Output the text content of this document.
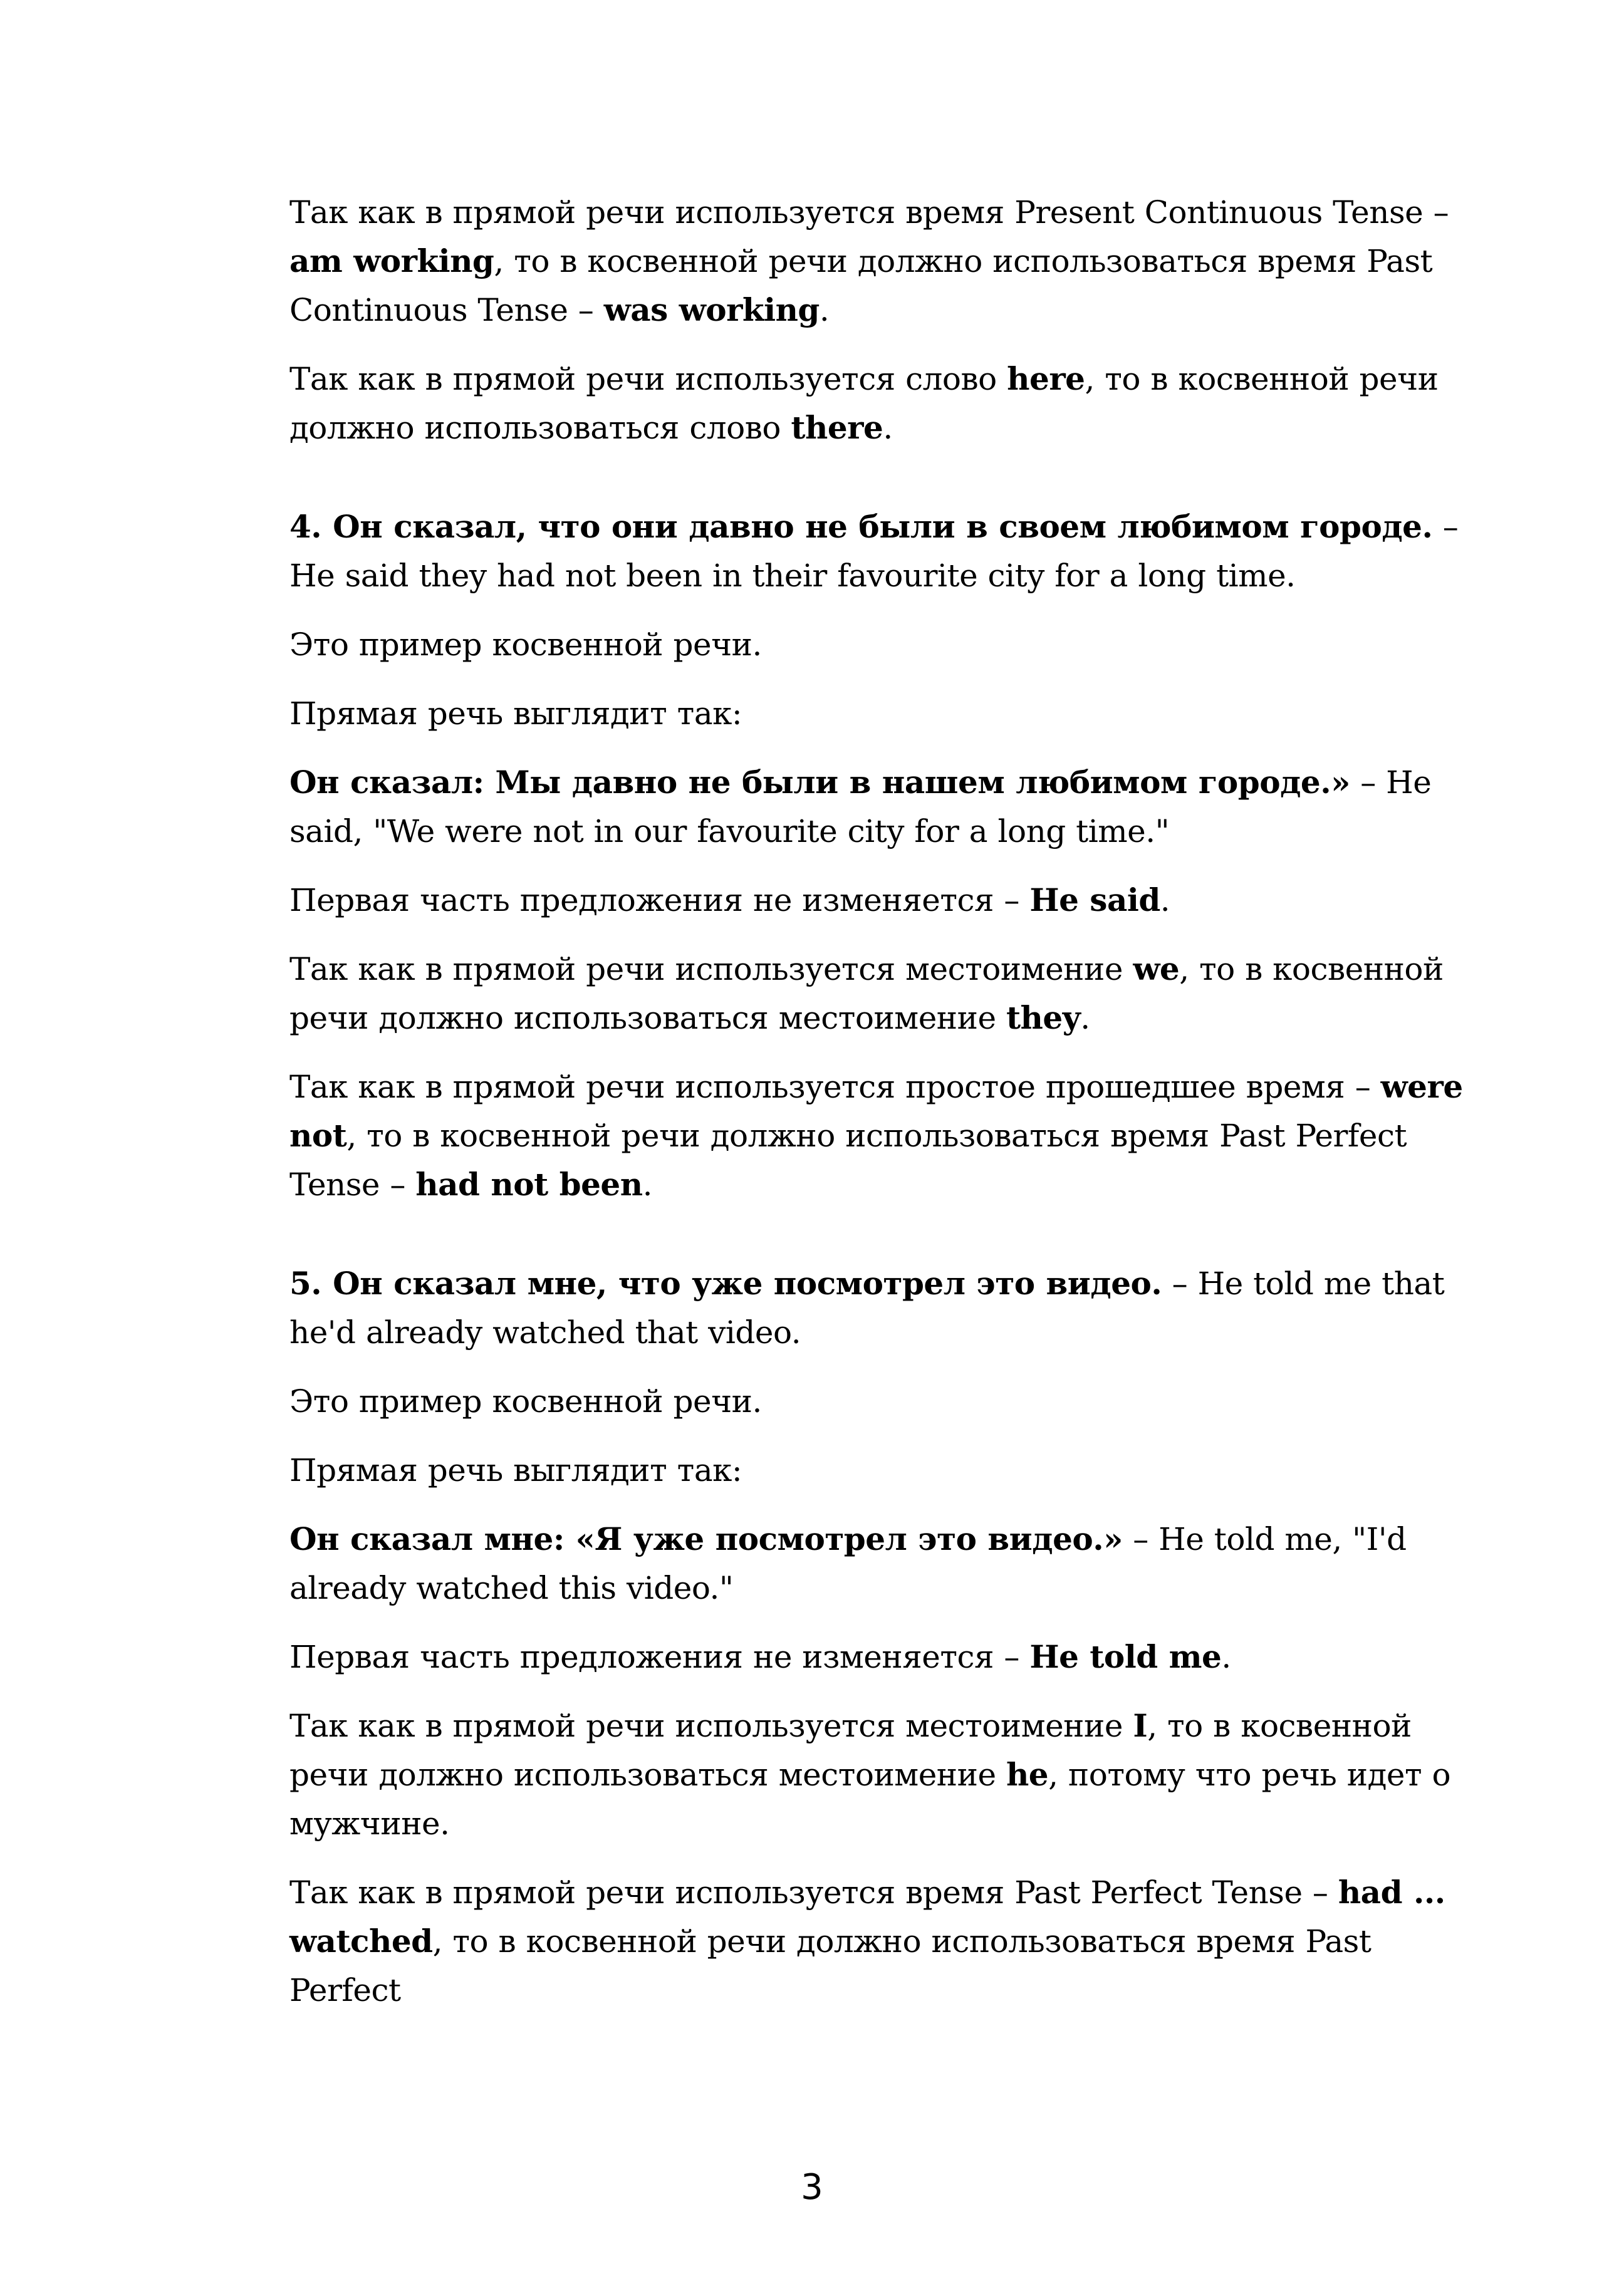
Так как в прямой речи используется время Present Continuous Tense – am working, то в косвенной речи должно использоваться время Past Continuous Tense – was working.

Так как в прямой речи используется слово here, то в косвенной речи должно использоваться слово there.

4. Он сказал, что они давно не были в своем любимом городе. – He said they had not been in their favourite city for a long time.

Это пример косвенной речи.

Прямая речь выглядит так:

Он сказал: Мы давно не были в нашем любимом городе.» – He said, "We were not in our favourite city for a long time."

Первая часть предложения не изменяется – He said.

Так как в прямой речи используется местоимение we, то в косвенной речи должно использоваться местоимение they.

Так как в прямой речи используется простое прошедшее время – were not, то в косвенной речи должно использоваться время Past Perfect Tense – had not been.

5. Он сказал мне, что уже посмотрел это видео. – He told me that he'd already watched that video.

Это пример косвенной речи.

Прямая речь выглядит так:

Он сказал мне: «Я уже посмотрел это видео.» – He told me, "I'd already watched this video."

Первая часть предложения не изменяется – He told me.

Так как в прямой речи используется местоимение I, то в косвенной речи должно использоваться местоимение he, потому что речь идет о мужчине.

Так как в прямой речи используется время Past Perfect Tense – had ... watched, то в косвенной речи должно использоваться время Past Perfect

3
